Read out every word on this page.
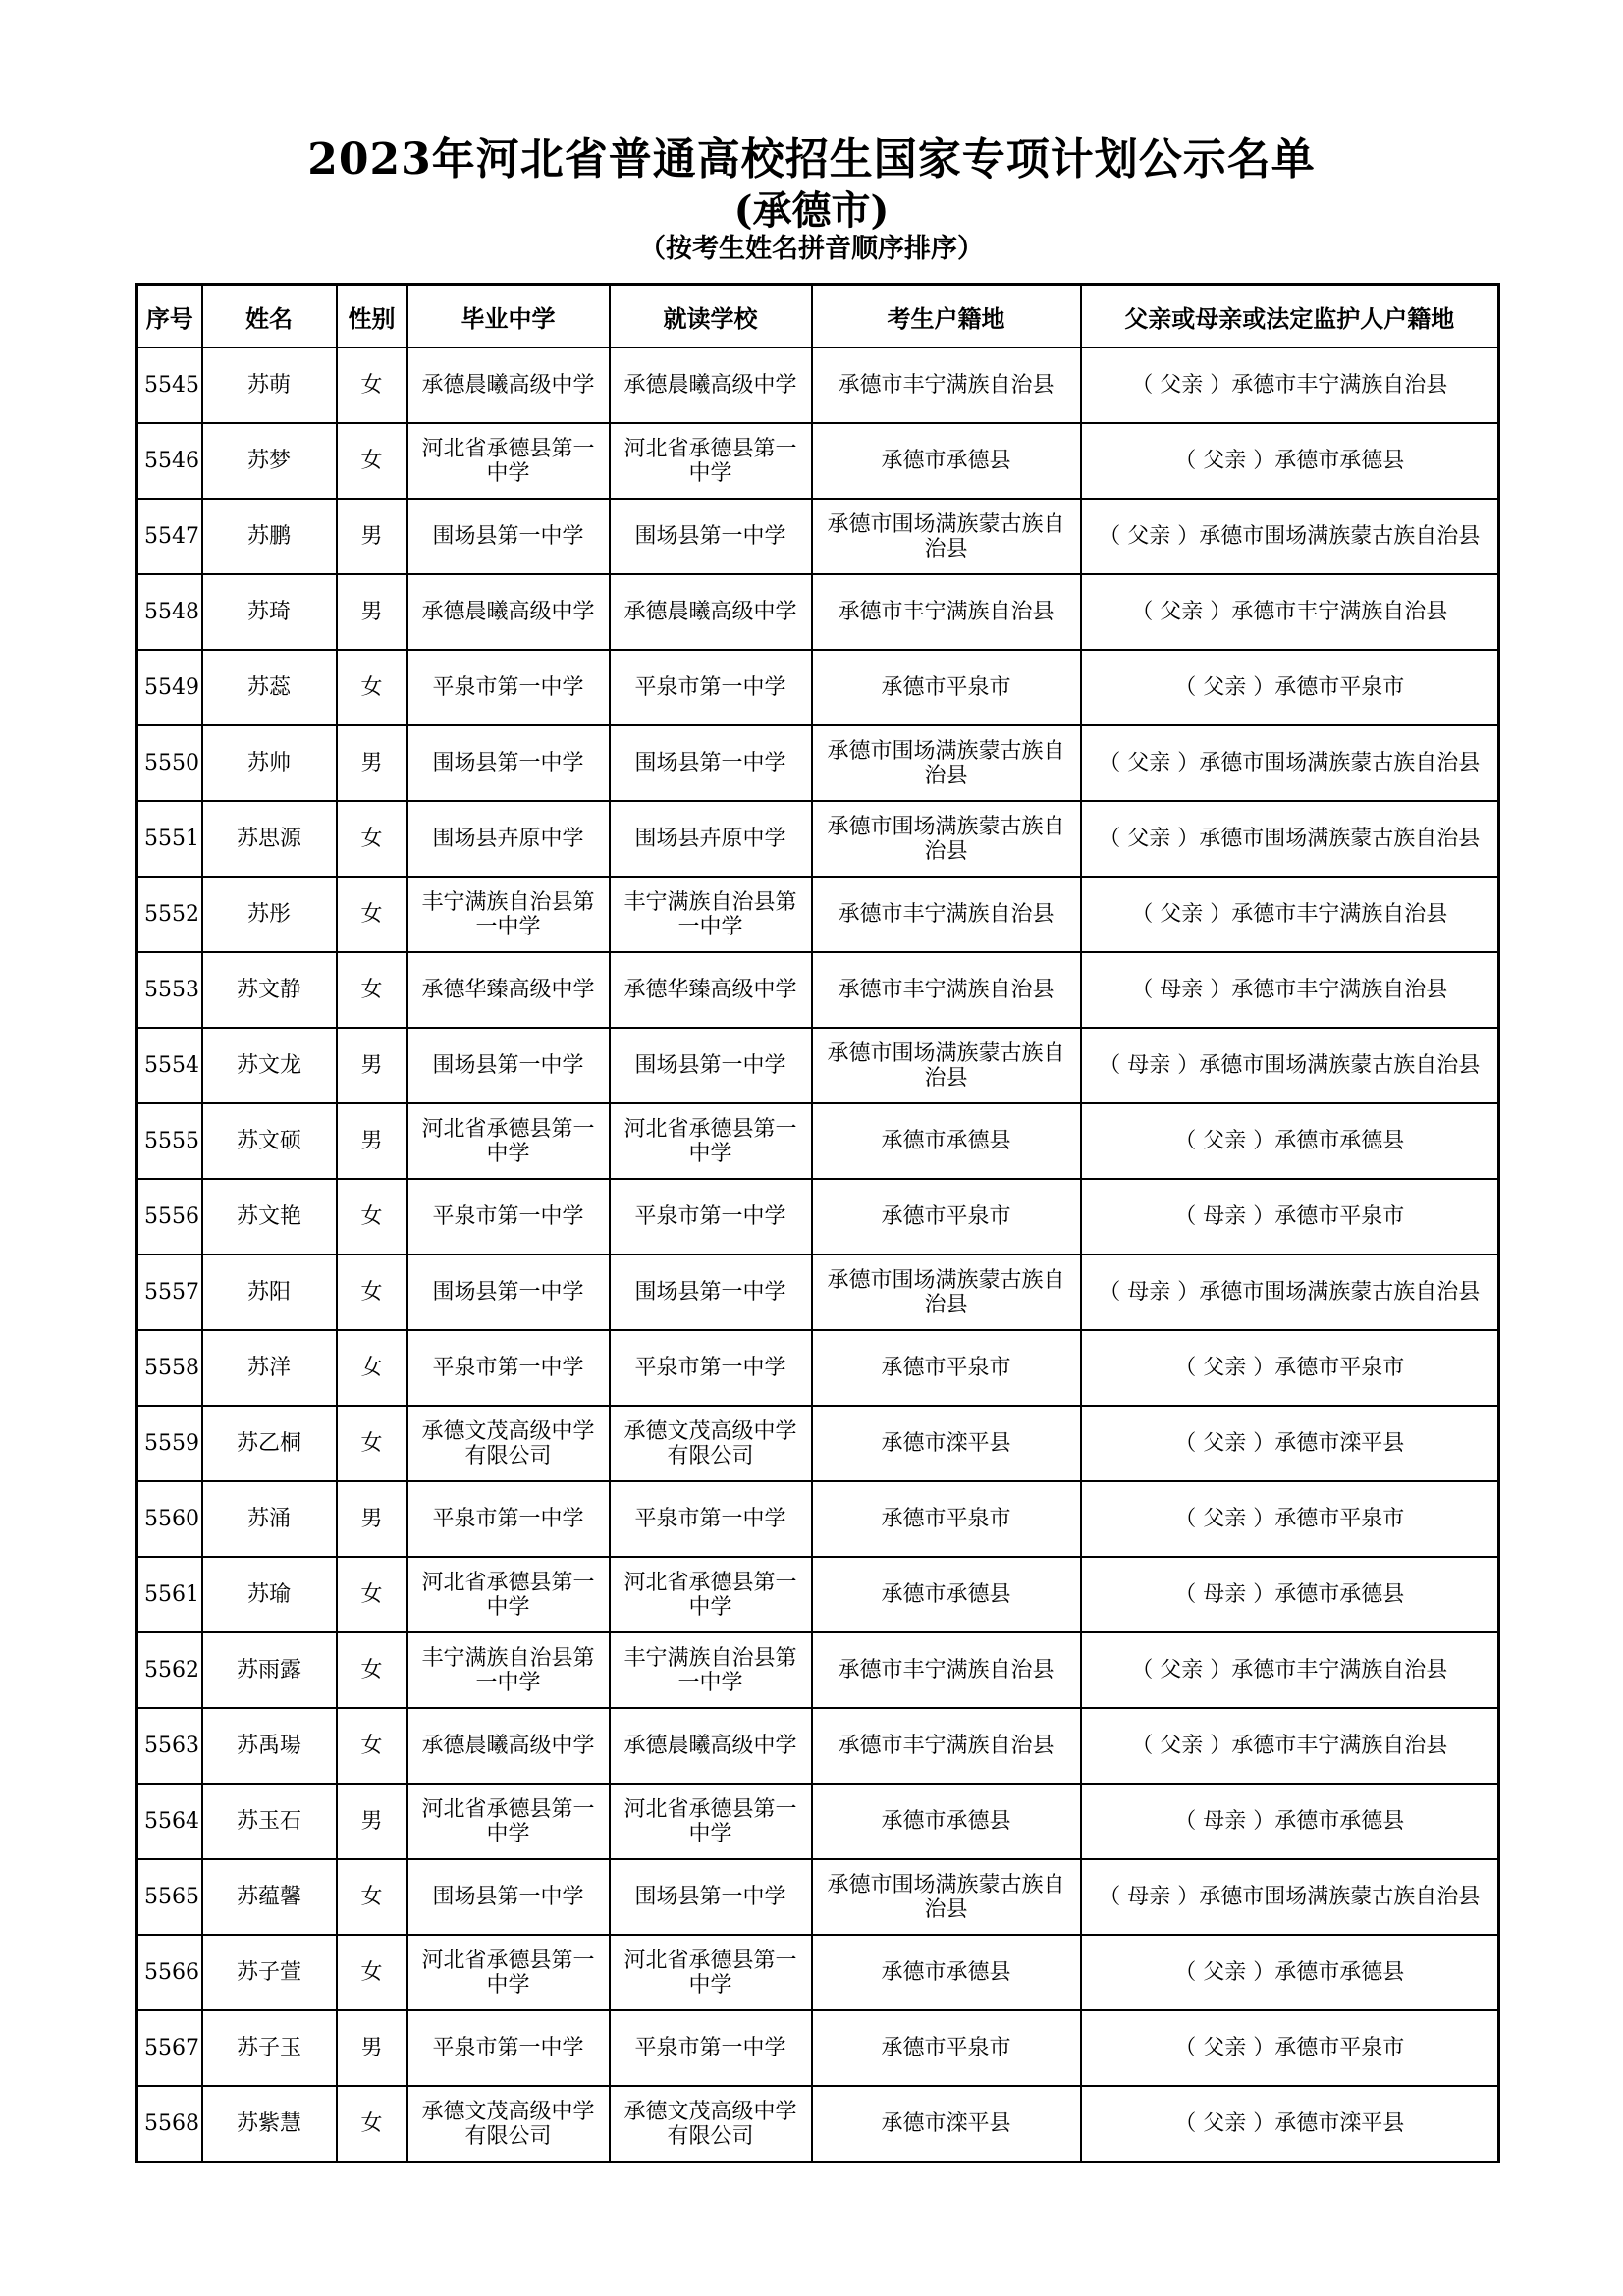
2023年河北省普通高校招生国家专项计划公示名单
(承德市)
（按考生姓名拼音顺序排序）
序号	姓名	性别	毕业中学	就读学校	考生户籍地	父亲或母亲或法定监护人户籍地
5545	苏萌	女	承德晨曦高级中学	承德晨曦高级中学	承德市丰宁满族自治县	（ 父亲 ）承德市丰宁满族自治县
5546	苏梦	女	河北省承德县第一中学	河北省承德县第一中学	承德市承德县	（ 父亲 ）承德市承德县
5547	苏鹏	男	围场县第一中学	围场县第一中学	承德市围场满族蒙古族自治县	（ 父亲 ）承德市围场满族蒙古族自治县
5548	苏琦	男	承德晨曦高级中学	承德晨曦高级中学	承德市丰宁满族自治县	（ 父亲 ）承德市丰宁满族自治县
5549	苏蕊	女	平泉市第一中学	平泉市第一中学	承德市平泉市	（ 父亲 ）承德市平泉市
5550	苏帅	男	围场县第一中学	围场县第一中学	承德市围场满族蒙古族自治县	（ 父亲 ）承德市围场满族蒙古族自治县
5551	苏思源	女	围场县卉原中学	围场县卉原中学	承德市围场满族蒙古族自治县	（ 父亲 ）承德市围场满族蒙古族自治县
5552	苏彤	女	丰宁满族自治县第一中学	丰宁满族自治县第一中学	承德市丰宁满族自治县	（ 父亲 ）承德市丰宁满族自治县
5553	苏文静	女	承德华臻高级中学	承德华臻高级中学	承德市丰宁满族自治县	（ 母亲 ）承德市丰宁满族自治县
5554	苏文龙	男	围场县第一中学	围场县第一中学	承德市围场满族蒙古族自治县	（ 母亲 ）承德市围场满族蒙古族自治县
5555	苏文硕	男	河北省承德县第一中学	河北省承德县第一中学	承德市承德县	（ 父亲 ）承德市承德县
5556	苏文艳	女	平泉市第一中学	平泉市第一中学	承德市平泉市	（ 母亲 ）承德市平泉市
5557	苏阳	女	围场县第一中学	围场县第一中学	承德市围场满族蒙古族自治县	（ 母亲 ）承德市围场满族蒙古族自治县
5558	苏洋	女	平泉市第一中学	平泉市第一中学	承德市平泉市	（ 父亲 ）承德市平泉市
5559	苏乙桐	女	承德文茂高级中学有限公司	承德文茂高级中学有限公司	承德市滦平县	（ 父亲 ）承德市滦平县
5560	苏涌	男	平泉市第一中学	平泉市第一中学	承德市平泉市	（ 父亲 ）承德市平泉市
5561	苏瑜	女	河北省承德县第一中学	河北省承德县第一中学	承德市承德县	（ 母亲 ）承德市承德县
5562	苏雨露	女	丰宁满族自治县第一中学	丰宁满族自治县第一中学	承德市丰宁满族自治县	（ 父亲 ）承德市丰宁满族自治县
5563	苏禹瑒	女	承德晨曦高级中学	承德晨曦高级中学	承德市丰宁满族自治县	（ 父亲 ）承德市丰宁满族自治县
5564	苏玉石	男	河北省承德县第一中学	河北省承德县第一中学	承德市承德县	（ 母亲 ）承德市承德县
5565	苏蕴馨	女	围场县第一中学	围场县第一中学	承德市围场满族蒙古族自治县	（ 母亲 ）承德市围场满族蒙古族自治县
5566	苏子萱	女	河北省承德县第一中学	河北省承德县第一中学	承德市承德县	（ 父亲 ）承德市承德县
5567	苏子玉	男	平泉市第一中学	平泉市第一中学	承德市平泉市	（ 父亲 ）承德市平泉市
5568	苏紫慧	女	承德文茂高级中学有限公司	承德文茂高级中学有限公司	承德市滦平县	（ 父亲 ）承德市滦平县
